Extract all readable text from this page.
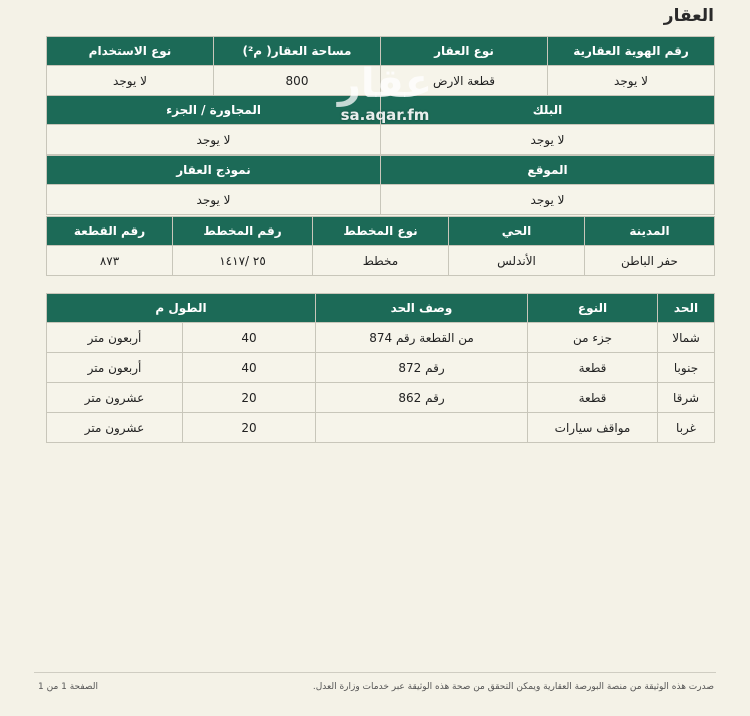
العقار
رقم الهوية العقارية	نوع العقار	مساحة العقار( م²)	نوع الاستخدام
لا يوجد	قطعة الارض	800	لا يوجد
البلك	المجاورة / الجزء
لا يوجد	لا يوجد
الموقع	نموذج العقار
لا يوجد	لا يوجد
المدينة	الحي	نوع المخطط	رقم المخطط	رقم القطعة
حفر الباطن	الأندلس	مخطط	٢٥ /١٤١٧	٨٧٣
عقار
sa.aqar.fm
الحد	النوع	وصف الحد	الطول م	
شمالا	جزء من	من القطعة رقم 874	40	أربعون متر
جنوبا	قطعة	رقم 872	40	أربعون متر
شرقا	قطعة	رقم 862	20	عشرون متر
غربا	مواقف سيارات		20	عشرون متر
صدرت هذه الوثيقة من منصة البورصة العقارية ويمكن التحقق من صحة هذه الوثيقة عبر خدمات وزارة العدل.
الصفحة 1 من 1
